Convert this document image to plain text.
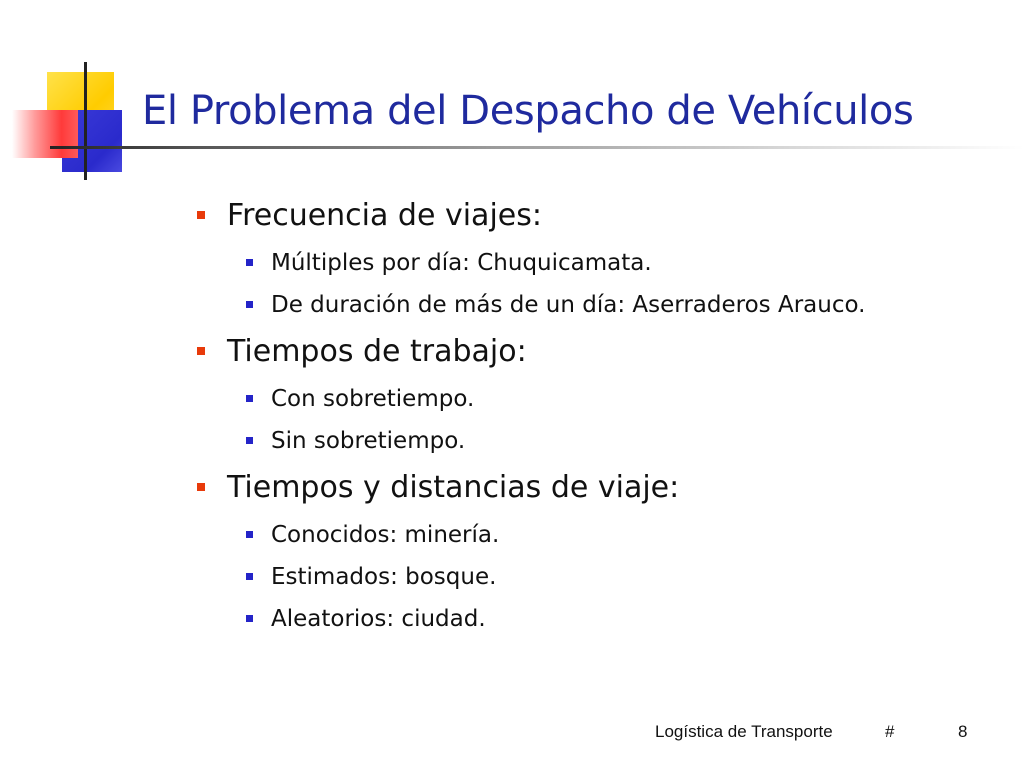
El Problema del Despacho de Vehículos
Frecuencia de viajes:
Múltiples por día: Chuquicamata.
De duración de más de un día: Aserraderos Arauco.
Tiempos de trabajo:
Con sobretiempo.
Sin sobretiempo.
Tiempos y distancias de viaje:
Conocidos: minería.
Estimados: bosque.
Aleatorios: ciudad.
Logística de Transporte	#	8
